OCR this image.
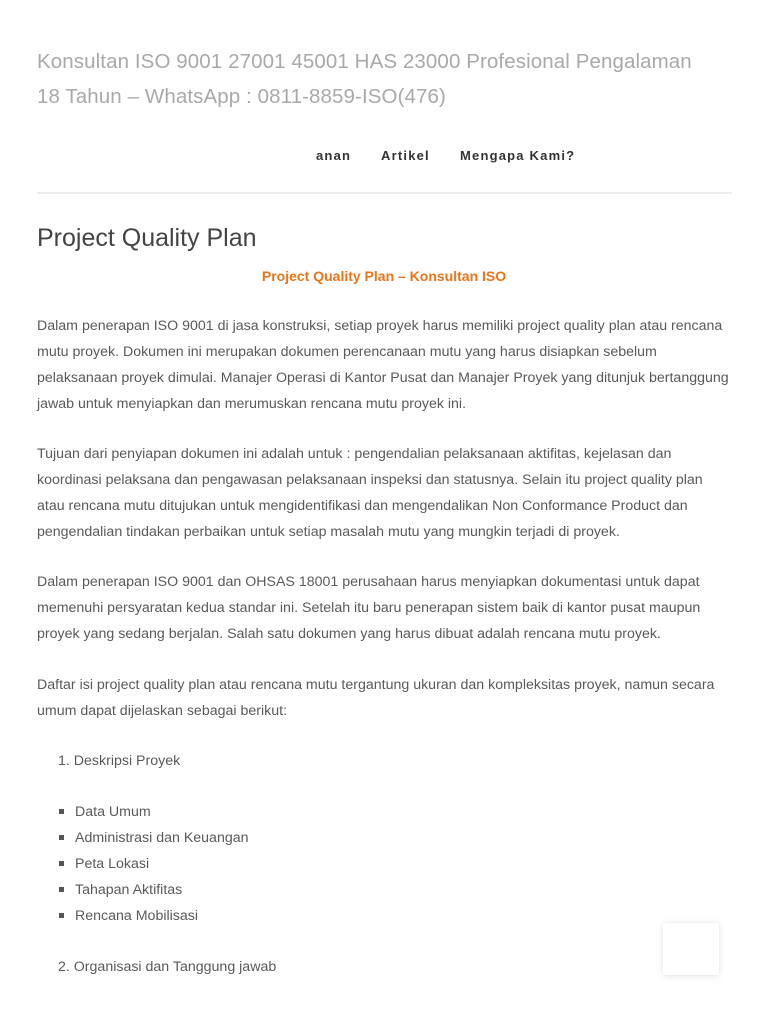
Konsultan ISO 9001 27001 45001 HAS 23000 Profesional Pengalaman 18 Tahun – WhatsApp : 0811-8859-ISO(476)
anan Artikel Mengapa Kami?
Project Quality Plan
Project Quality Plan – Konsultan ISO

Dalam penerapan ISO 9001 di jasa konstruksi, setiap proyek harus memiliki project quality plan atau rencana mutu proyek. Dokumen ini merupakan dokumen perencanaan mutu yang harus disiapkan sebelum pelaksanaan proyek dimulai. Manajer Operasi di Kantor Pusat dan Manajer Proyek yang ditunjuk bertanggung jawab untuk menyiapkan dan merumuskan rencana mutu proyek ini.

Tujuan dari penyiapan dokumen ini adalah untuk : pengendalian pelaksanaan aktifitas, kejelasan dan koordinasi pelaksana dan pengawasan pelaksanaan inspeksi dan statusnya. Selain itu project quality plan atau rencana mutu ditujukan untuk mengidentifikasi dan mengendalikan Non Conformance Product dan pengendalian tindakan perbaikan untuk setiap masalah mutu yang mungkin terjadi di proyek.

Dalam penerapan ISO 9001 dan OHSAS 18001 perusahaan harus menyiapkan dokumentasi untuk dapat memenuhi persyaratan kedua standar ini. Setelah itu baru penerapan sistem baik di kantor pusat maupun proyek yang sedang berjalan. Salah satu dokumen yang harus dibuat adalah rencana mutu proyek.

Daftar isi project quality plan atau rencana mutu tergantung ukuran dan kompleksitas proyek, namun secara umum dapat dijelaskan sebagai berikut:

1. Deskripsi Proyek
Data Umum
Administrasi dan Keuangan
Peta Lokasi
Tahapan Aktifitas
Rencana Mobilisasi
2. Organisasi dan Tanggung jawab
